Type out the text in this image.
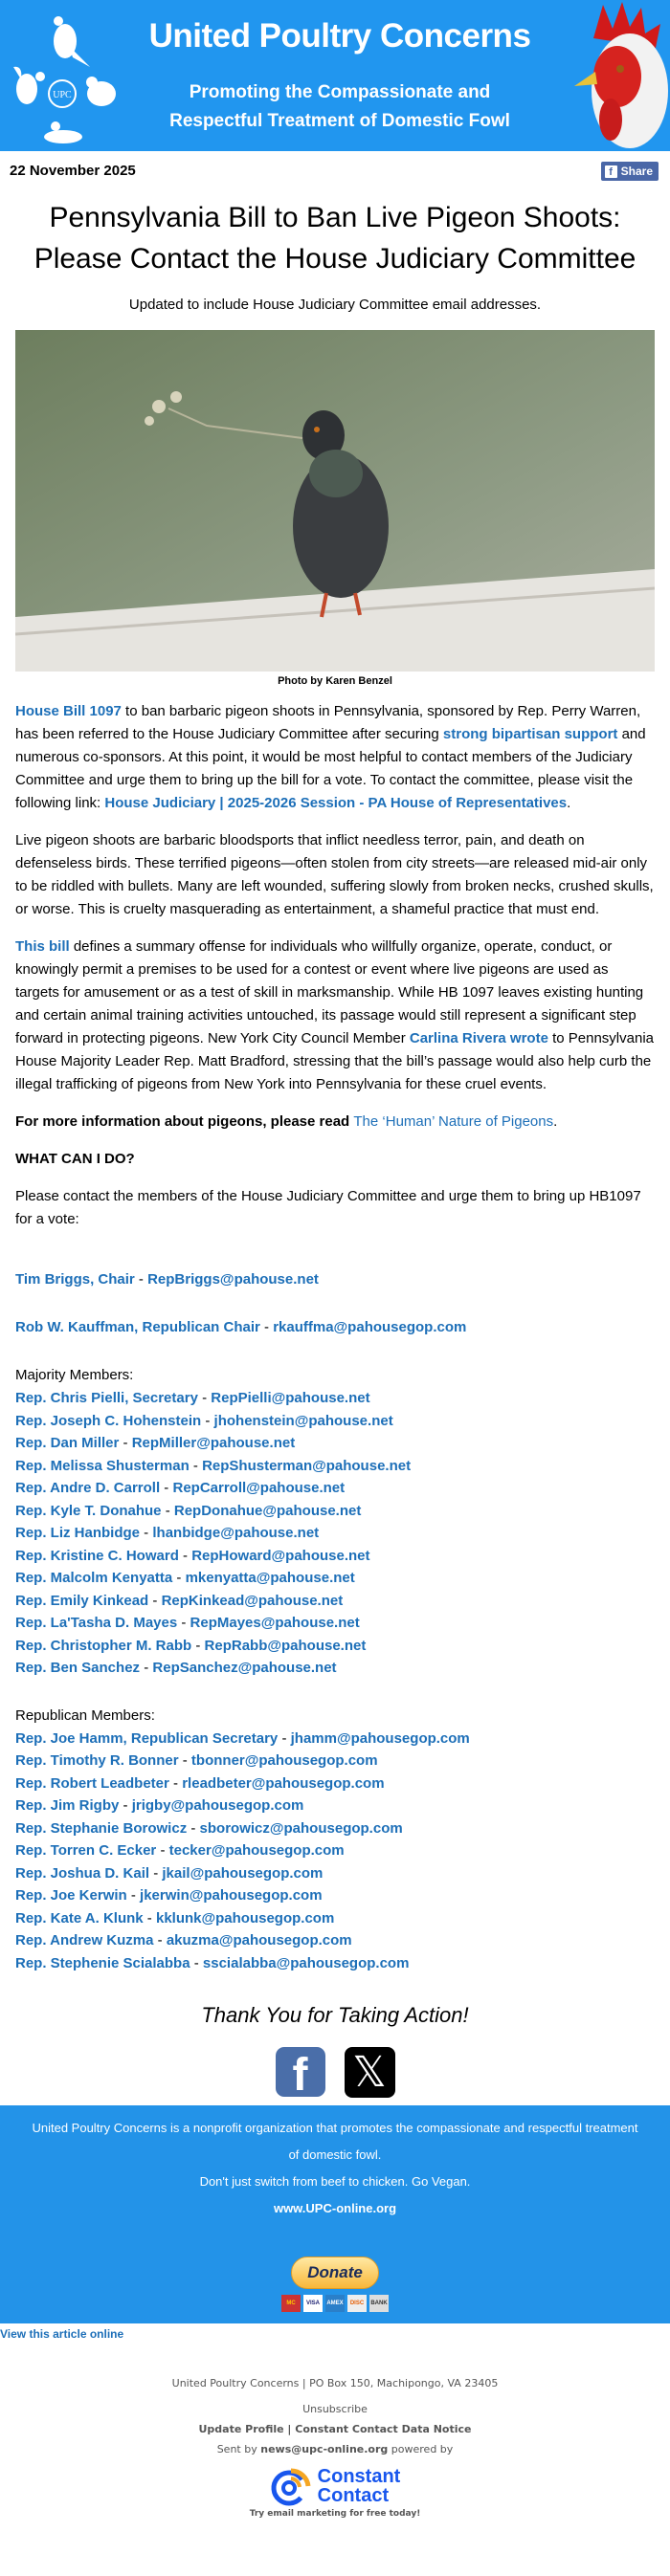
UPC
United Poultry Concerns
Promoting the Compassionate and
Respectful Treatment of Domestic Fowl
22 November 2025	f Share
Pennsylvania Bill to Ban Live Pigeon Shoots: Please Contact the House Judiciary Committee
Updated to include House Judiciary Committee email addresses.
Photo by Karen Benzel

House Bill 1097 to ban barbaric pigeon shoots in Pennsylvania, sponsored by Rep. Perry Warren, has been referred to the House Judiciary Committee after securing strong bipartisan support and numerous co-sponsors. At this point, it would be most helpful to contact members of the Judiciary Committee and urge them to bring up the bill for a vote. To contact the committee, please visit the following link: House Judiciary | 2025-2026 Session - PA House of Representatives.

Live pigeon shoots are barbaric bloodsports that inflict needless terror, pain, and death on defenseless birds. These terrified pigeons—often stolen from city streets—are released mid-air only to be riddled with bullets. Many are left wounded, suffering slowly from broken necks, crushed skulls, or worse. This is cruelty masquerading as entertainment, a shameful practice that must end.

This bill defines a summary offense for individuals who willfully organize, operate, conduct, or knowingly permit a premises to be used for a contest or event where live pigeons are used as targets for amusement or as a test of skill in marksmanship. While HB 1097 leaves existing hunting and certain animal training activities untouched, its passage would still represent a significant step forward in protecting pigeons. New York City Council Member Carlina Rivera wrote to Pennsylvania House Majority Leader Rep. Matt Bradford, stressing that the bill’s passage would also help curb the illegal trafficking of pigeons from New York into Pennsylvania for these cruel events.

For more information about pigeons, please read The ‘Human’ Nature of Pigeons.

WHAT CAN I DO?

Please contact the members of the House Judiciary Committee and urge them to bring up HB1097 for a vote:

Tim Briggs, Chair - RepBriggs@pahouse.net
Rob W. Kauffman, Republican Chair - rkauffma@pahousegop.com
Majority Members:
Rep. Chris Pielli, Secretary - RepPielli@pahouse.net
Rep. Joseph C. Hohenstein - jhohenstein@pahouse.net
Rep. Dan Miller - RepMiller@pahouse.net
Rep. Melissa Shusterman - RepShusterman@pahouse.net
Rep. Andre D. Carroll - RepCarroll@pahouse.net
Rep. Kyle T. Donahue - RepDonahue@pahouse.net
Rep. Liz Hanbidge - lhanbidge@pahouse.net
Rep. Kristine C. Howard - RepHoward@pahouse.net
Rep. Malcolm Kenyatta - mkenyatta@pahouse.net
Rep. Emily Kinkead - RepKinkead@pahouse.net
Rep. La'Tasha D. Mayes - RepMayes@pahouse.net
Rep. Christopher M. Rabb - RepRabb@pahouse.net
Rep. Ben Sanchez - RepSanchez@pahouse.net
Republican Members:
Rep. Joe Hamm, Republican Secretary - jhamm@pahousegop.com
Rep. Timothy R. Bonner - tbonner@pahousegop.com
Rep. Robert Leadbeter - rleadbeter@pahousegop.com
Rep. Jim Rigby - jrigby@pahousegop.com
Rep. Stephanie Borowicz - sborowicz@pahousegop.com
Rep. Torren C. Ecker - tecker@pahousegop.com
Rep. Joshua D. Kail - jkail@pahousegop.com
Rep. Joe Kerwin - jkerwin@pahousegop.com
Rep. Kate A. Klunk - kklunk@pahousegop.com
Rep. Andrew Kuzma - akuzma@pahousegop.com
Rep. Stephenie Scialabba - sscialabba@pahousegop.com
Thank You for Taking Action!
f	𝕏
United Poultry Concerns is a nonprofit organization that promotes the compassionate and respectful treatment of domestic fowl.
Don't just switch from beef to chicken. Go Vegan.
www.UPC-online.org
Donate
MC	VISA	AMEX	DISC	BANK
View this article online
United Poultry Concerns | PO Box 150, Machipongo, VA 23405
Unsubscribe
Update Profile | Constant Contact Data Notice
Sent by news@upc-online.org powered by
Constant
Contact
Try email marketing for free today!
